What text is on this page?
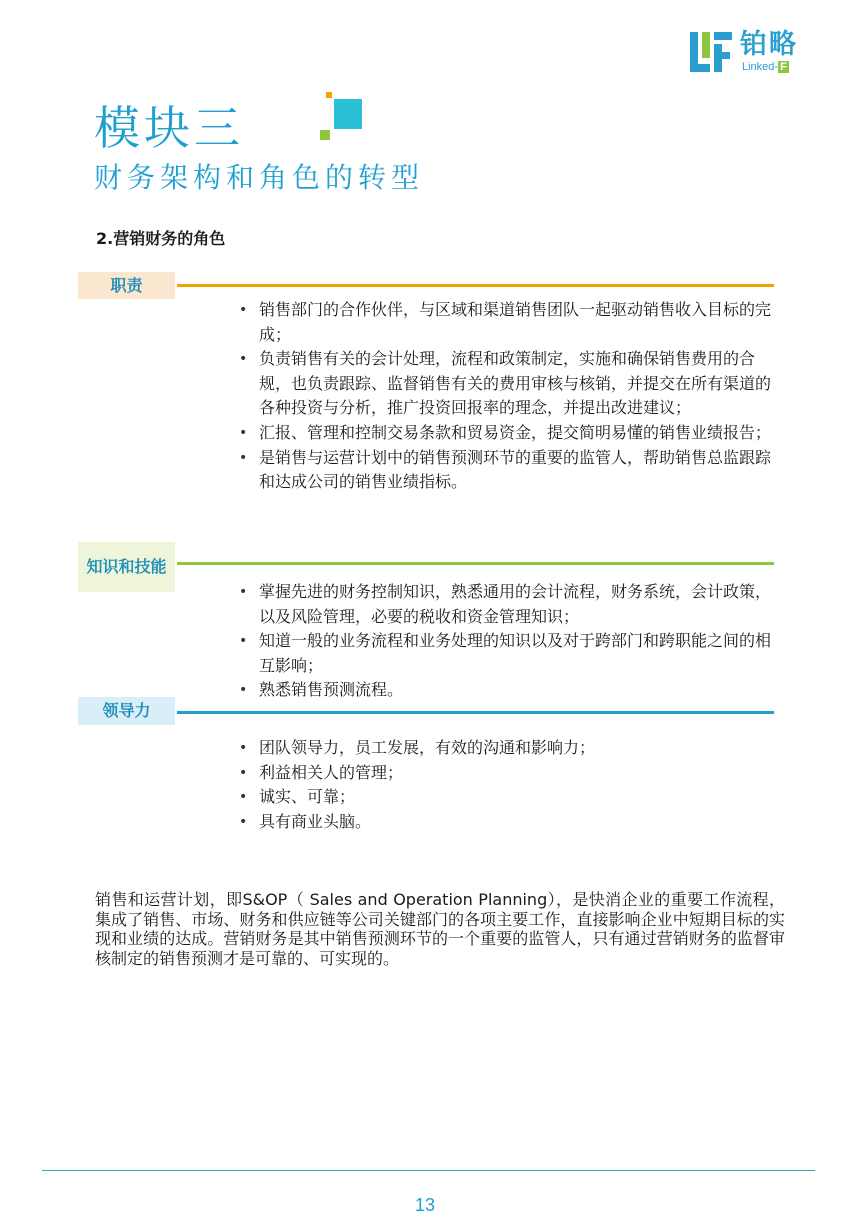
铂略
Linked- F
模块三
财务架构和角色的转型
2.营销财务的角色
职责
• 销售部门的合作伙伴，与区域和渠道销售团队一起驱动销售收入目标的完成；
• 负责销售有关的会计处理，流程和政策制定，实施和确保销售费用的合规，也负责跟踪、监督销售有关的费用审核与核销，并提交在所有渠道的各种投资与分析，推广投资回报率的理念，并提出改进建议；
• 汇报、管理和控制交易条款和贸易资金，提交简明易懂的销售业绩报告；
• 是销售与运营计划中的销售预测环节的重要的监管人，帮助销售总监跟踪和达成公司的销售业绩指标。
知识和技能
• 掌握先进的财务控制知识，熟悉通用的会计流程，财务系统，会计政策，以及风险管理，必要的税收和资金管理知识；
• 知道一般的业务流程和业务处理的知识以及对于跨部门和跨职能之间的相互影响；
• 熟悉销售预测流程。
领导力
• 团队领导力，员工发展，有效的沟通和影响力；
• 利益相关人的管理；
• 诚实、可靠；
• 具有商业头脑。
销售和运营计划，即S&OP（ Sales and Operation Planning），是快消企业的重要工作流程，集成了销售、市场、财务和供应链等公司关键部门的各项主要工作，直接影响企业中短期目标的实现和业绩的达成。营销财务是其中销售预测环节的一个重要的监管人，只有通过营销财务的监督审核制定的销售预测才是可靠的、可实现的。
13
